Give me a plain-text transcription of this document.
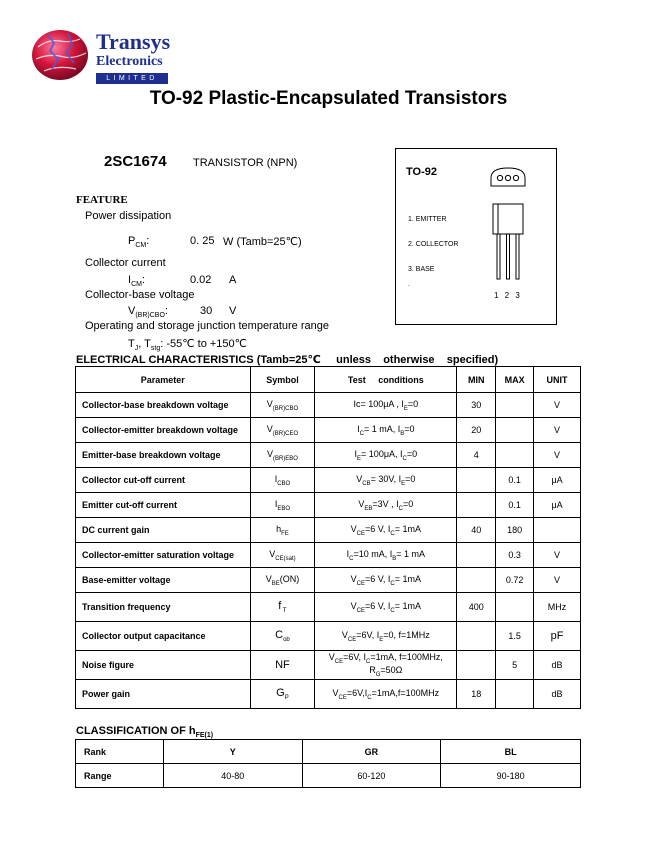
Transys
Electronics
LIMITED
TO-92 Plastic-Encapsulated Transistors
2SC1674 TRANSISTOR (NPN)
FEATURE
Power dissipation
$P_{CM}$:	0. 25 W (Tamb=25℃)
Collector current
$I_{CM}$:	0.02 A
Collector-base voltage
$V_{(BR)CBO}$:	30 V
Operating and storage junction temperature range
$T_J$, $T_{stg}$: -55℃ to +150℃
TO-92
1. EMITTER
2. COLLECTOR
3. BASE
.
1 2 3
ELECTRICAL CHARACTERISTICS (Tamb=25℃     unless    otherwise    specified)
Parameter	Symbol	Test     conditions	MIN	MAX	UNIT
Collector-base breakdown voltage	$V_{(BR)CBO}$	Ic= 100μA , $I_E=0$	30		V
Collector-emitter breakdown voltage	$V_{(BR)CEO}$	$I_C= 1$ mA, $I_B=0$	20		V
Emitter-base breakdown voltage	$V_{(BR)EBO}$	$I_E= 100\mu A$, $I_C=0$	4		V
Collector cut-off current	$I_{CBO}$	$V_{CB}= 30V$, $I_E=0$		0.1	μA
Emitter cut-off current	$I_{EBO}$	$V_{EB}=3V$ , $I_C=0$		0.1	μA
DC current gain	$h_{FE}$	$V_{CE}=6$ V, $I_C= 1mA$	40	180	
Collector-emitter saturation voltage	$V_{CE(sat)}$	$I_C=10$ mA, $I_B= 1$ mA		0.3	V
Base-emitter voltage	$V_{BE}(ON)$	$V_{CE}=6$ V, $I_C= 1mA$		0.72	V
Transition frequency	f $_T$	$V_{CE}=6$ V, $I_C= 1mA$	400		MHz
Collector output capacitance	$C_{ob}$	$V_{CE}=6V$, $I_E=0$, f=1MHz		1.5	pF
Noise figure	NF	$V_{CE}=6V$, $I_C=1mA$, f=100MHz,
$R_G=50\Omega$		5	dB
Power gain	$G_P$	$V_{CE}=6V,I_C=1mA,f=100MHz$	18		dB
CLASSIFICATION OF $h_{FE(1)}$
Rank	Y	GR	BL
Range	40-80	60-120	90-180
